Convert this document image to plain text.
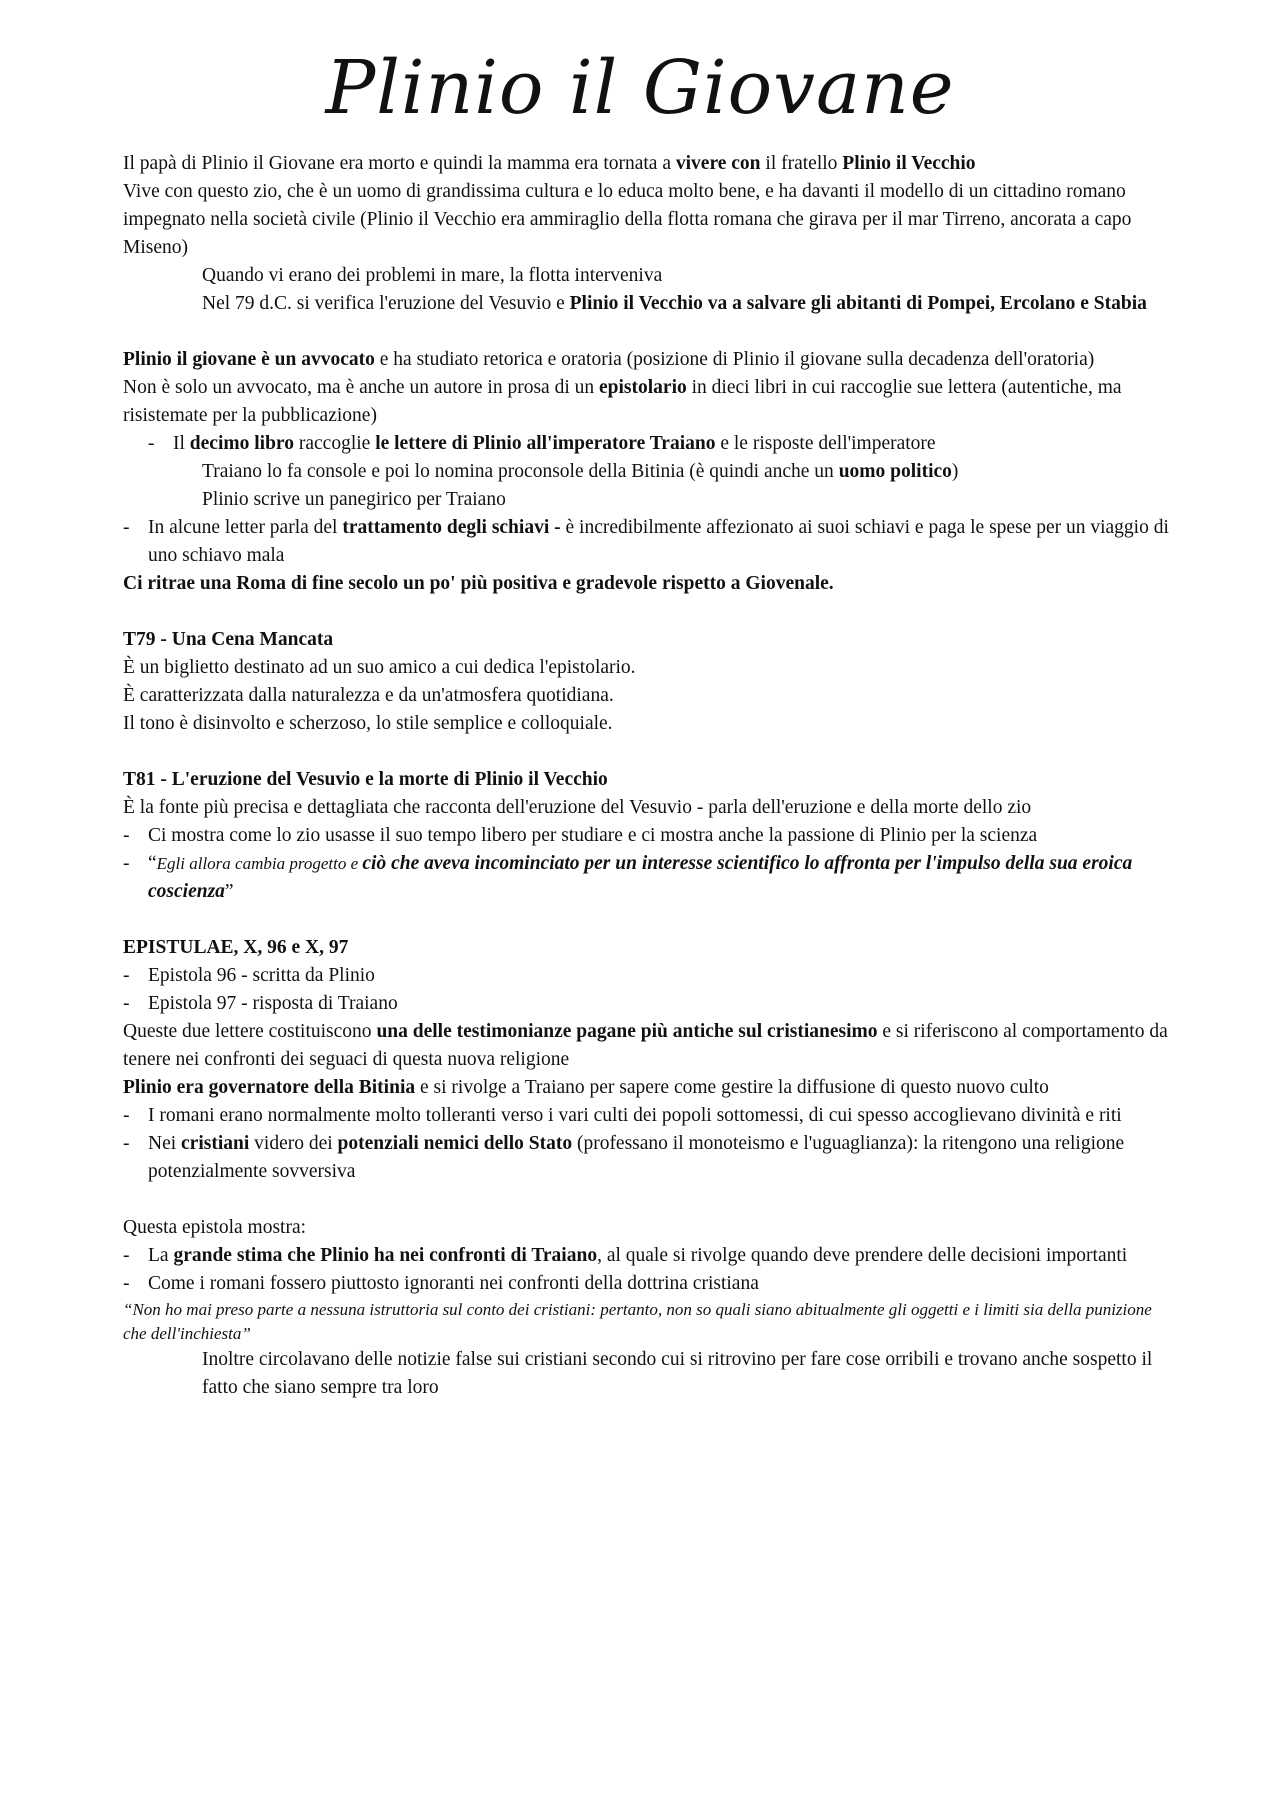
Plinio il Giovane

Il papà di Plinio il Giovane era morto e quindi la mamma era tornata a vivere con il fratello Plinio il Vecchio

Vive con questo zio, che è un uomo di grandissima cultura e lo educa molto bene, e ha davanti il modello di un cittadino romano impegnato nella società civile (Plinio il Vecchio era ammiraglio della flotta romana che girava per il mar Tirreno, ancorata a capo Miseno)

Quando vi erano dei problemi in mare, la flotta interveniva

Nel 79 d.C. si verifica l'eruzione del Vesuvio e Plinio il Vecchio va a salvare gli abitanti di Pompei, Ercolano e Stabia

Plinio il giovane è un avvocato e ha studiato retorica e oratoria (posizione di Plinio il giovane sulla decadenza dell'oratoria)

Non è solo un avvocato, ma è anche un autore in prosa di un epistolario in dieci libri in cui raccoglie sue lettera (autentiche, ma risistemate per la pubblicazione)

- Il decimo libro raccoglie le lettere di Plinio all'imperatore Traiano e le risposte dell'imperatore
Traiano lo fa console e poi lo nomina proconsole della Bitinia (è quindi anche un uomo politico)
Plinio scrive un panegirico per Traiano
- In alcune letter parla del trattamento degli schiavi - è incredibilmente affezionato ai suoi schiavi e paga le spese per un viaggio di uno schiavo mala

Ci ritrae una Roma di fine secolo un po' più positiva e gradevole rispetto a Giovenale.

T79 - Una Cena Mancata

È un biglietto destinato ad un suo amico a cui dedica l'epistolario.

È caratterizzata dalla naturalezza e da un'atmosfera quotidiana.

Il tono è disinvolto e scherzoso, lo stile semplice e colloquiale.

T81 - L'eruzione del Vesuvio e la morte di Plinio il Vecchio

È la fonte più precisa e dettagliata che racconta dell'eruzione del Vesuvio - parla dell'eruzione e della morte dello zio

- Ci mostra come lo zio usasse il suo tempo libero per studiare e ci mostra anche la passione di Plinio per la scienza
- “Egli allora cambia progetto e ciò che aveva incominciato per un interesse scientifico lo affronta per l'impulso della sua eroica coscienza”
EPISTULAE, X, 96 e X, 97
- Epistola 96 - scritta da Plinio
- Epistola 97 - risposta di Traiano

Queste due lettere costituiscono una delle testimonianze pagane più antiche sul cristianesimo e si riferiscono al comportamento da tenere nei confronti dei seguaci di questa nuova religione

Plinio era governatore della Bitinia e si rivolge a Traiano per sapere come gestire la diffusione di questo nuovo culto

- I romani erano normalmente molto tolleranti verso i vari culti dei popoli sottomessi, di cui spesso accoglievano divinità e riti
- Nei cristiani videro dei potenziali nemici dello Stato (professano il monoteismo e l'uguaglianza): la ritengono una religione potenzialmente sovversiva

Questa epistola mostra:

- La grande stima che Plinio ha nei confronti di Traiano, al quale si rivolge quando deve prendere delle decisioni importanti
- Come i romani fossero piuttosto ignoranti nei confronti della dottrina cristiana

“Non ho mai preso parte a nessuna istruttoria sul conto dei cristiani: pertanto, non so quali siano abitualmente gli oggetti e i limiti sia della punizione che dell'inchiesta”

Inoltre circolavano delle notizie false sui cristiani secondo cui si ritrovino per fare cose orribili e trovano anche sospetto il fatto che siano sempre tra loro
